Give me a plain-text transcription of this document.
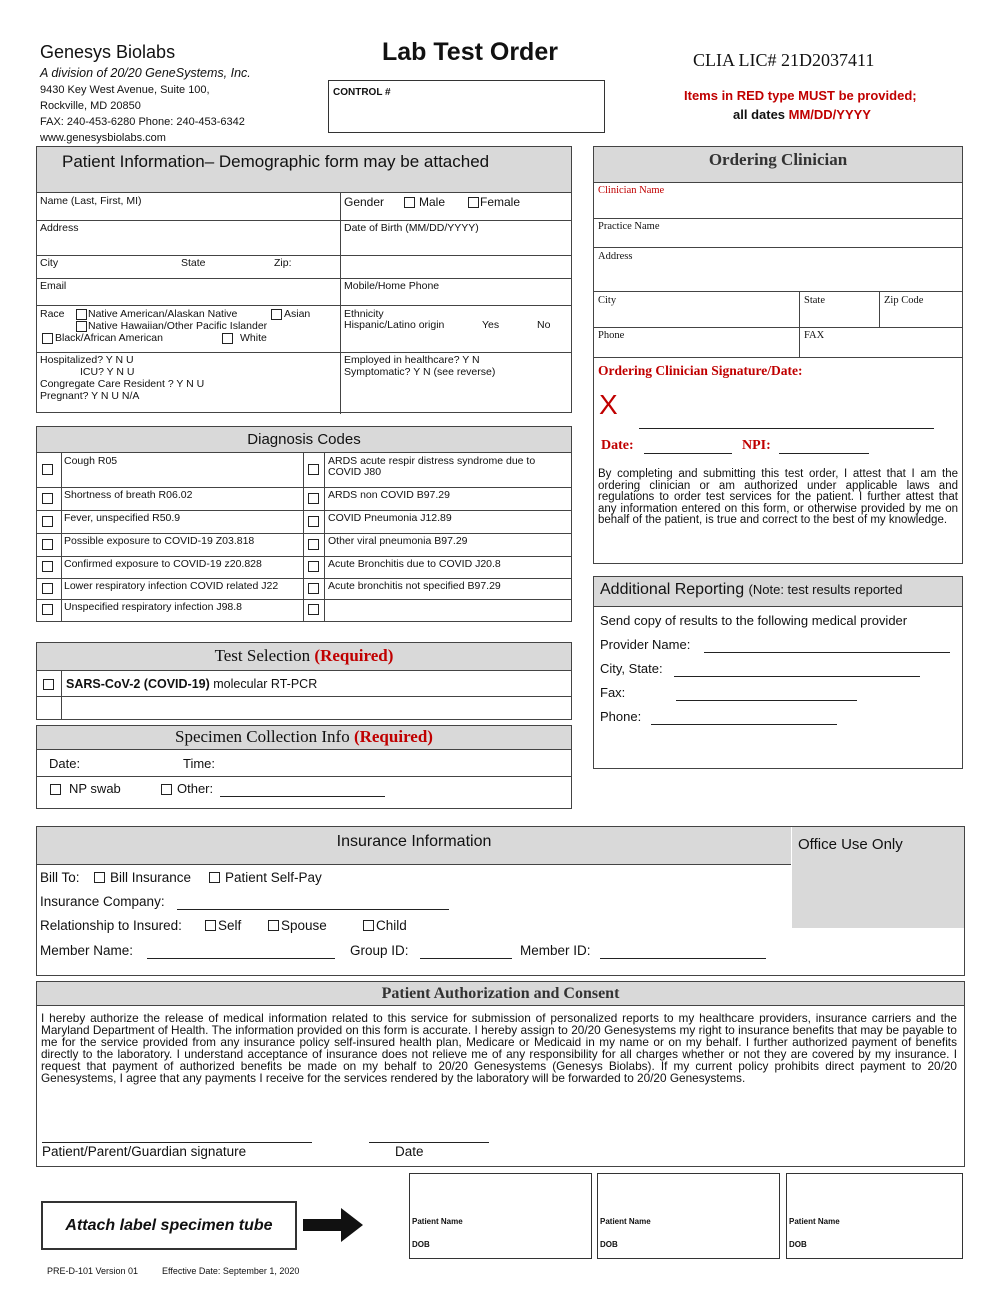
Genesys Biolabs
A division of 20/20 GeneSystems, Inc.
9430 Key West Avenue, Suite 100,
Rockville, MD 20850
FAX: 240-453-6280 Phone: 240-453-6342
www.genesysbiolabs.com
Lab Test Order
CONTROL #
CLIA LIC# 21D2037411
Items in RED type MUST be provided;
all dates MM/DD/YYYY
Patient Information– Demographic form may be attached
Name (Last, First, MI)	Gender	Male	Female
Address	Date of Birth (MM/DD/YYYY)
City	State	Zip:
Email	Mobile/Home Phone
Race Native American/Alaskan Native	Asian
Native Hawaiian/Other Pacific Islander
Black/African American	White
Ethnicity
Hispanic/Latino origin	Yes	No
Hospitalized? Y N U
ICU? Y N U
Congregate Care Resident ? Y N U
Pregnant? Y N U N/A
Employed in healthcare? Y N
Symptomatic? Y N (see reverse)
Diagnosis Codes
Cough R05	ARDS acute respir distress syndrome due to COVID J80
Shortness of breath R06.02	ARDS non COVID B97.29
Fever, unspecified R50.9	COVID Pneumonia J12.89
Possible exposure to COVID-19 Z03.818	Other viral pneumonia B97.29
Confirmed exposure to COVID-19 z20.828	Acute Bronchitis due to COVID J20.8
Lower respiratory infection COVID related J22	Acute bronchitis not specified B97.29
Unspecified respiratory infection J98.8
Test Selection (Required)
SARS-CoV-2 (COVID-19) molecular RT-PCR
Specimen Collection Info (Required)
Date:	Time:
NP swab	Other:
Ordering Clinician
Clinician Name
Practice Name
Address
City	State	Zip Code
Phone	FAX
Ordering Clinician Signature/Date:
X
Date:	NPI:
By completing and submitting this test order, I attest that I am the ordering clinician or am authorized under applicable laws and regulations to order test services for the patient. I further attest that any information entered on this form, or otherwise provided by me on behalf of the patient, is true and correct to the best of my knowledge.
Additional Reporting (Note: test results reported
Send copy of results to the following medical provider
Provider Name:
City, State:
Fax:
Phone:
Insurance Information	Office Use Only
Bill To: Bill Insurance	Patient Self-Pay
Insurance Company:
Relationship to Insured:	Self	Spouse	Child
Member Name:	Group ID:	Member ID:
Patient Authorization and Consent
I hereby authorize the release of medical information related to this service for submission of personalized reports to my healthcare providers, insurance carriers and the Maryland Department of Health. The information provided on this form is accurate. I hereby assign to 20/20 Genesystems my right to insurance benefits that may be payable to me for the service provided from any insurance policy self-insured health plan, Medicare or Medicaid in my name or on my behalf. I further authorized payment of benefits directly to the laboratory. I understand acceptance of insurance does not relieve me of any responsibility for all charges whether or not they are covered by my insurance. I request that payment of authorized benefits be made on my behalf to 20/20 Genesystems (Genesys Biolabs). If my current policy prohibits direct payment to 20/20 Genesystems, I agree that any payments I receive for the services rendered by the laboratory will be forwarded to 20/20 Genesystems.
Patient/Parent/Guardian signature	Date
Attach label specimen tube	Patient Name
DOB
Patient Name
DOB
Patient Name
DOB
PRE-D-101 Version 01	Effective Date: September 1, 2020
